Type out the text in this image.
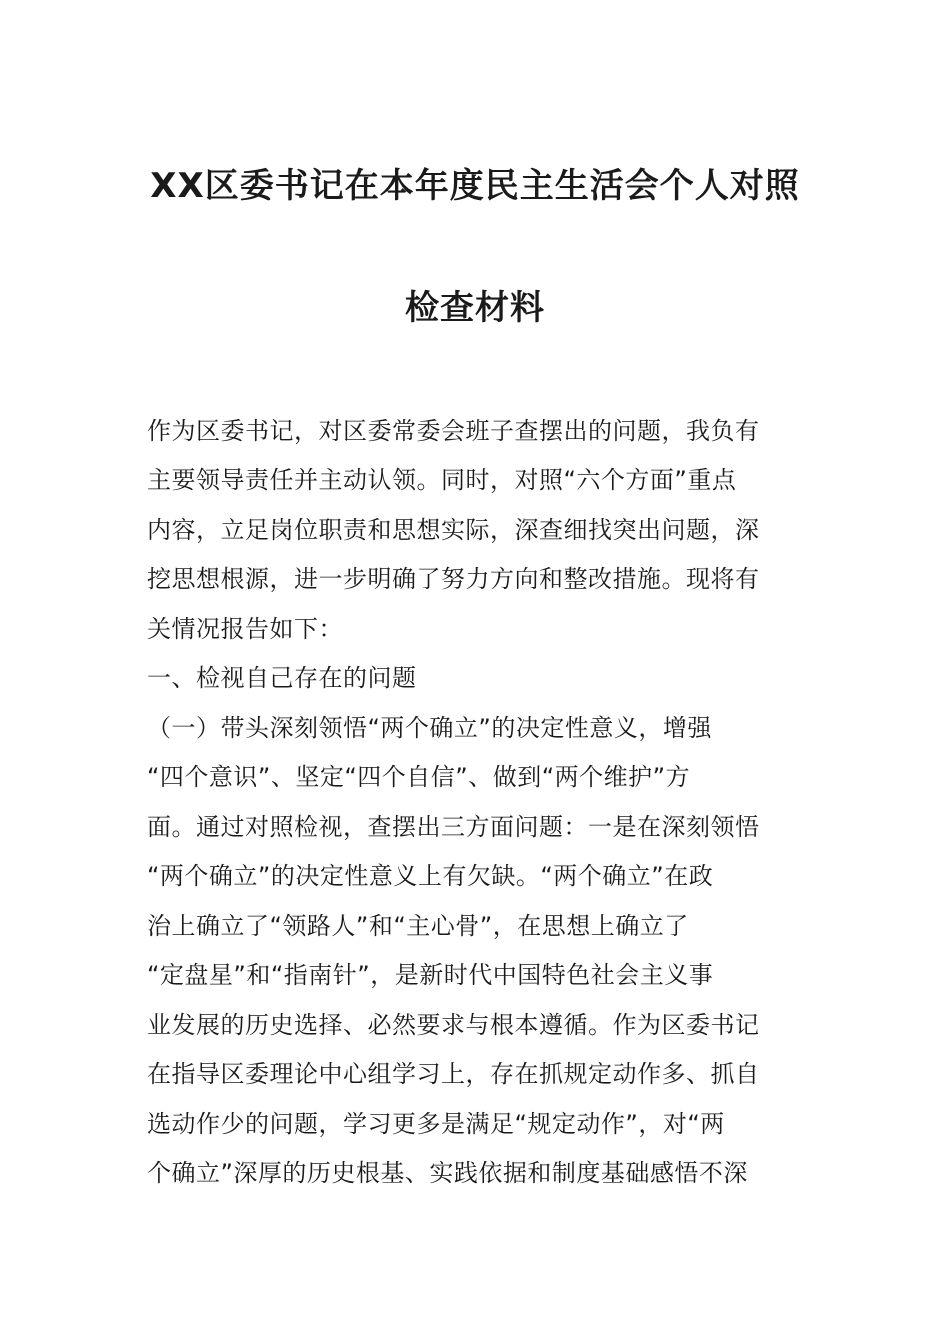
XX区委书记在本年度民主生活会个人对照
检查材料
作为区委书记，对区委常委会班子查摆出的问题，我负有
主要领导责任并主动认领。同时，对照“六个方面”重点
内容，立足岗位职责和思想实际，深查细找突出问题，深
挖思想根源，进一步明确了努力方向和整改措施。现将有
关情况报告如下：
一、检视自己存在的问题
（一）带头深刻领悟“两个确立”的决定性意义，增强
“四个意识”、坚定“四个自信”、做到“两个维护”方
面。通过对照检视，查摆出三方面问题：一是在深刻领悟
“两个确立”的决定性意义上有欠缺。“两个确立”在政
治上确立了“领路人”和“主心骨”，在思想上确立了
“定盘星”和“指南针”，是新时代中国特色社会主义事
业发展的历史选择、必然要求与根本遵循。作为区委书记
在指导区委理论中心组学习上，存在抓规定动作多、抓自
选动作少的问题，学习更多是满足“规定动作”，对“两
个确立”深厚的历史根基、实践依据和制度基础感悟不深
